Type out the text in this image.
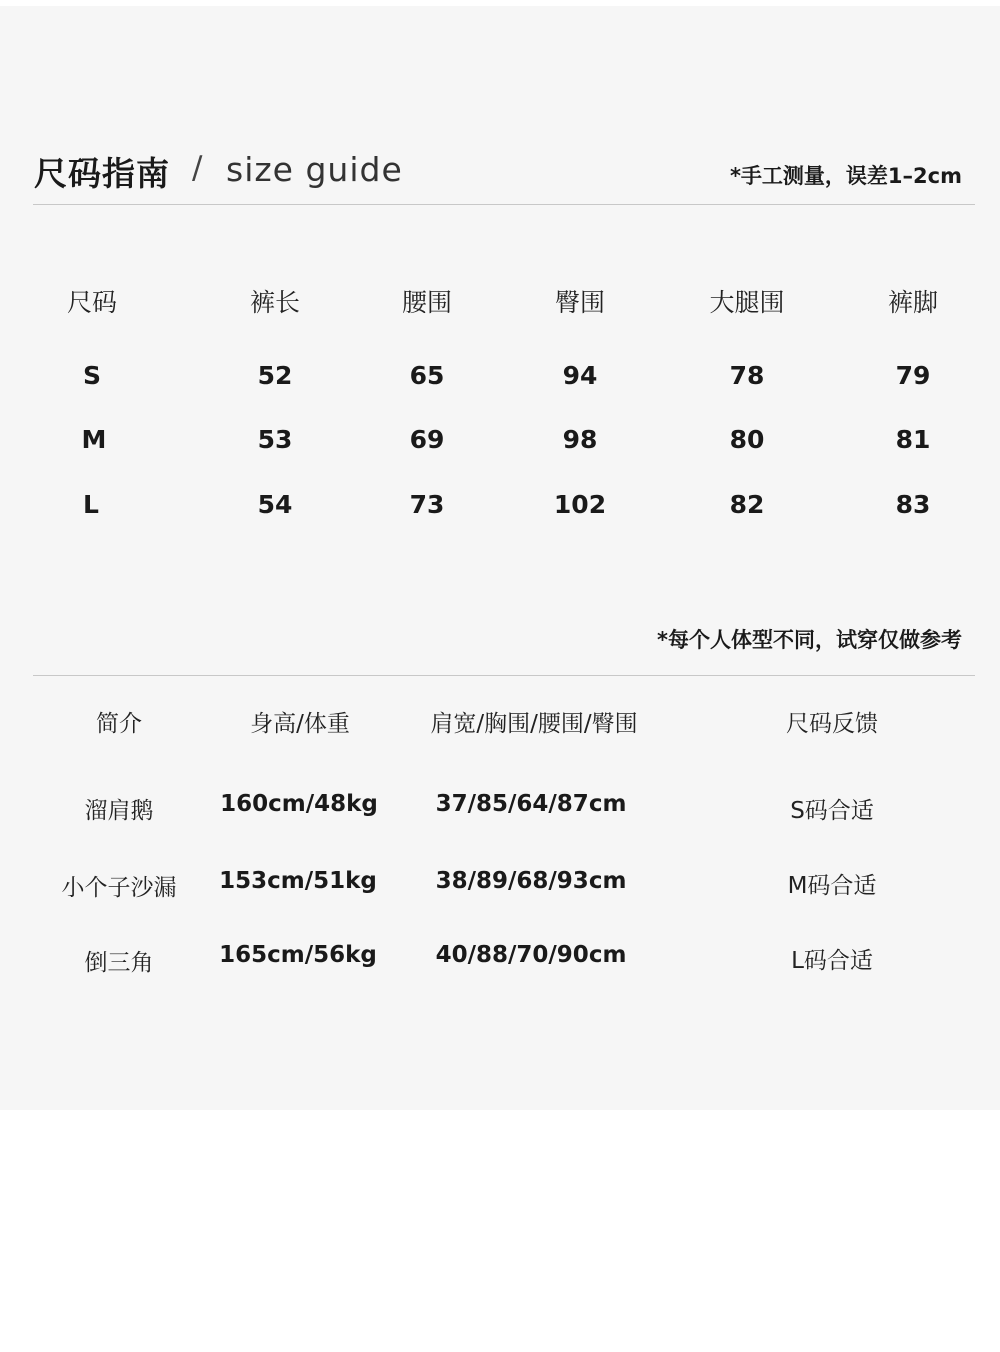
尺码指南 / size guide	*手工测量，误差1–2cm
尺码	裤长	腰围	臀围	大腿围	裤脚
S	52	65	94	78	79
M	53	69	98	80	81
L	54	73	102	82	83
*每个人体型不同，试穿仅做参考
简介	身高/体重	肩宽/胸围/腰围/臀围	尺码反馈
溜肩鹅	160cm/48kg	37/85/64/87cm	S码合适
小个子沙漏 153cm/51kg	38/89/68/93cm	M码合适
倒三角	165cm/56kg	40/88/70/90cm	L码合适
